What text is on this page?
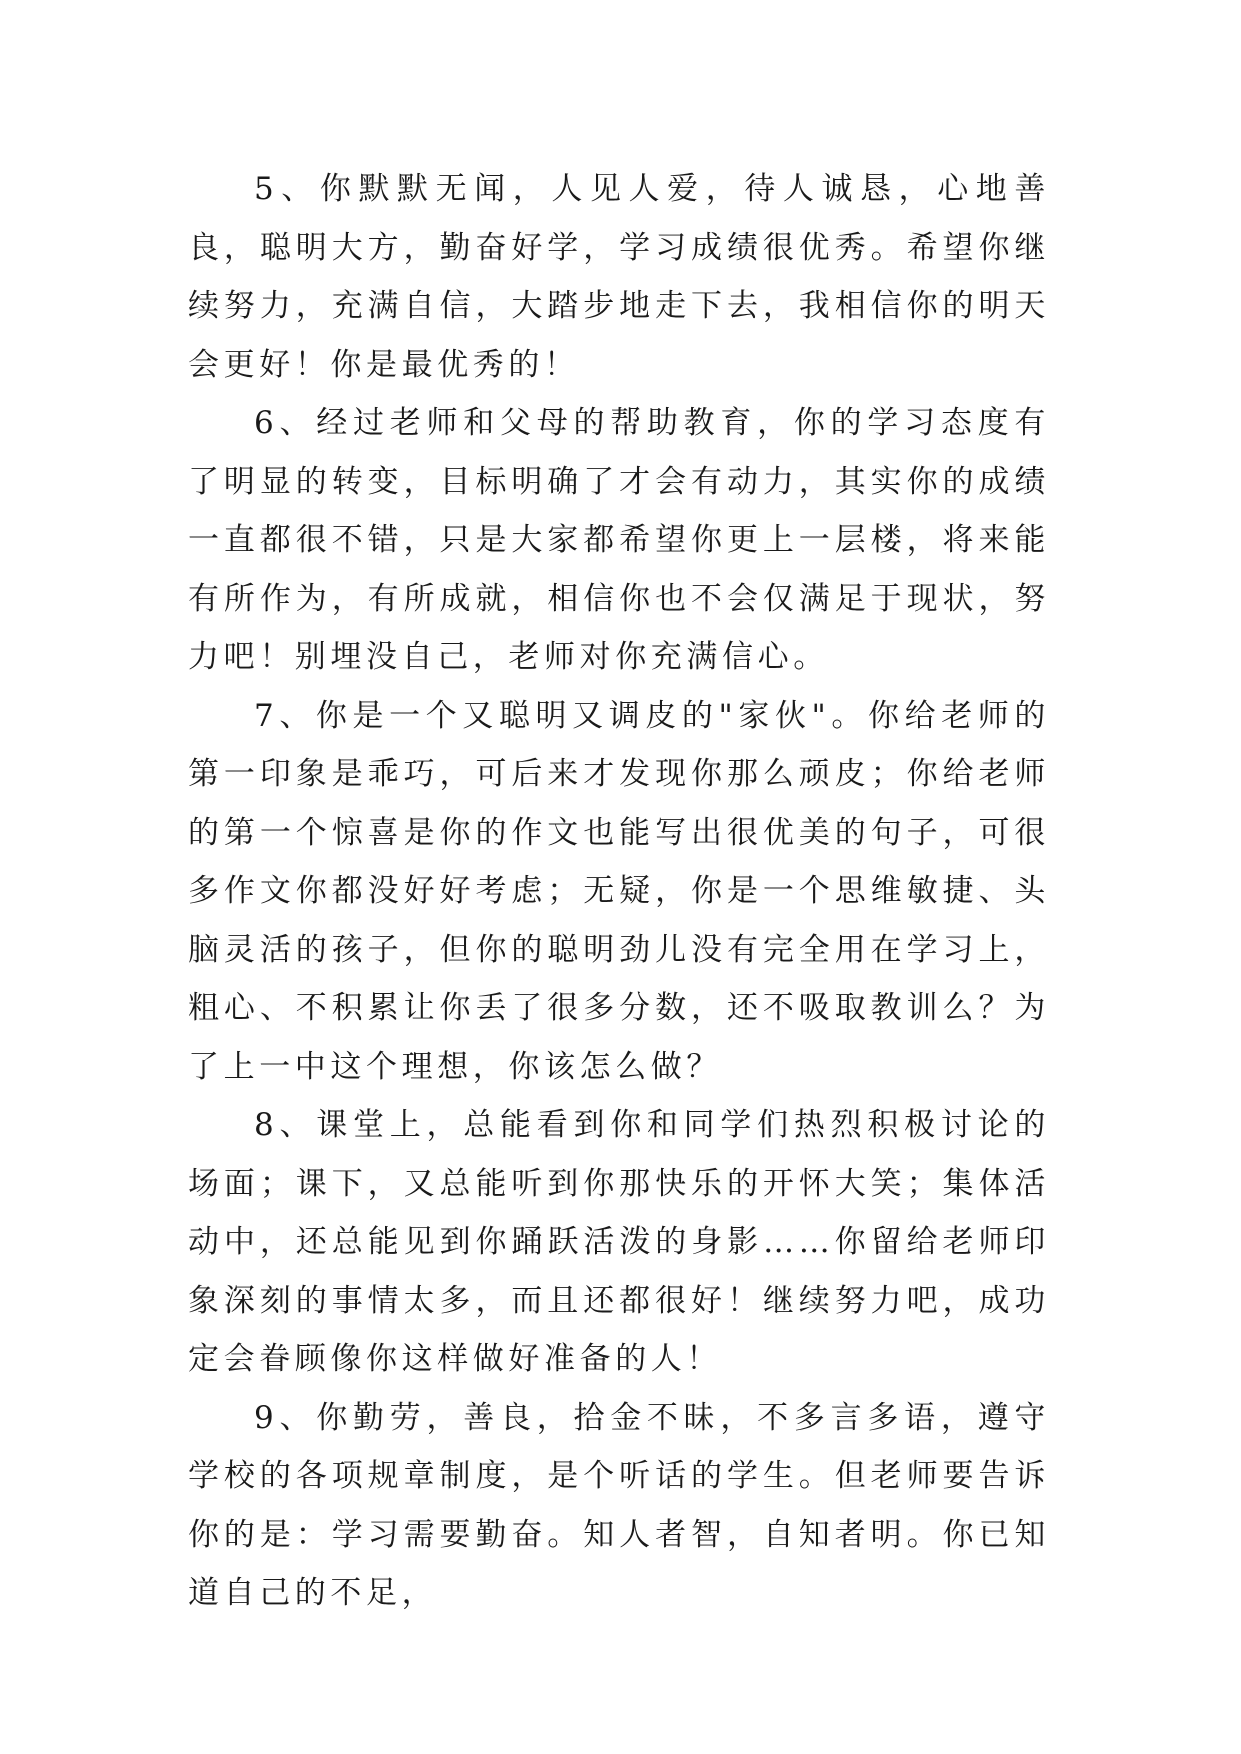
5、你默默无闻，人见人爱，待人诚恳，心地善良，聪明大方，勤奋好学，学习成绩很优秀。希望你继续努力，充满自信，大踏步地走下去，我相信你的明天会更好！你是最优秀的！

6、经过老师和父母的帮助教育，你的学习态度有了明显的转变，目标明确了才会有动力，其实你的成绩一直都很不错，只是大家都希望你更上一层楼，将来能有所作为，有所成就，相信你也不会仅满足于现状，努力吧！别埋没自己，老师对你充满信心。

7、你是一个又聪明又调皮的"家伙"。你给老师的第一印象是乖巧，可后来才发现你那么顽皮；你给老师的第一个惊喜是你的作文也能写出很优美的句子，可很多作文你都没好好考虑；无疑，你是一个思维敏捷、头脑灵活的孩子，但你的聪明劲儿没有完全用在学习上，粗心、不积累让你丢了很多分数，还不吸取教训么？为了上一中这个理想，你该怎么做？

8、课堂上，总能看到你和同学们热烈积极讨论的场面；课下，又总能听到你那快乐的开怀大笑；集体活动中，还总能见到你踊跃活泼的身影……你留给老师印象深刻的事情太多，而且还都很好！继续努力吧，成功定会眷顾像你这样做好准备的人！

9、你勤劳，善良，拾金不昧，不多言多语，遵守学校的各项规章制度，是个听话的学生。但老师要告诉你的是：学习需要勤奋。知人者智，自知者明。你已知道自己的不足，
